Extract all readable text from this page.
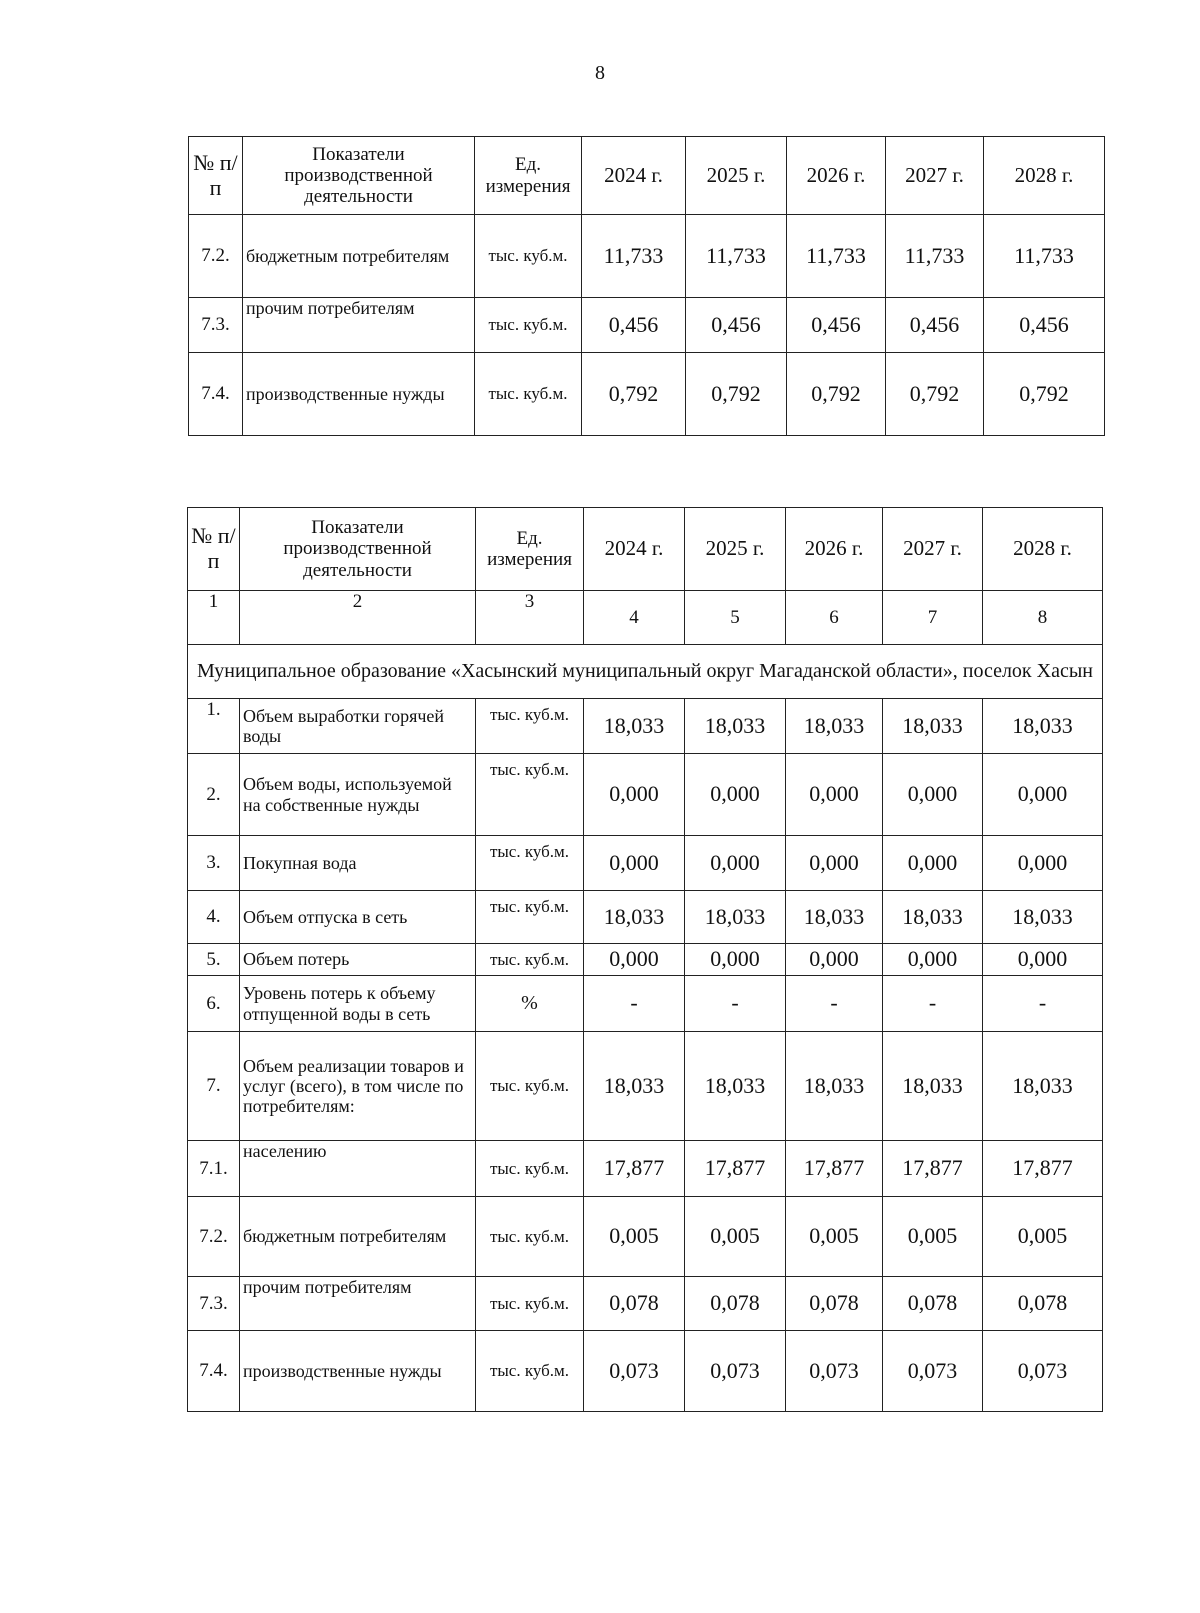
8
№ п/п	Показатели производственной деятельности	Ед. измерения	2024 г.	2025 г.	2026 г.	2027 г.	2028 г.
7.2.	бюджетным потребителям	тыс. куб.м.	11,733	11,733	11,733	11,733	11,733
7.3.	прочим потребителям	тыс. куб.м.	0,456	0,456	0,456	0,456	0,456
7.4.	производственные нужды	тыс. куб.м.	0,792	0,792	0,792	0,792	0,792
№ п/п	Показатели производственной деятельности	Ед. измерения	2024 г.	2025 г.	2026 г.	2027 г.	2028 г.
1	2	3	4	5	6	7	8
Муниципальное образование «Хасынский муниципальный округ Магаданской области», поселок Хасын							
1.	Объем выработки горячей воды	тыс. куб.м.	18,033	18,033	18,033	18,033	18,033
2.	Объем воды, используемой на собственные нужды	тыс. куб.м.	0,000	0,000	0,000	0,000	0,000
3.	Покупная вода	тыс. куб.м.	0,000	0,000	0,000	0,000	0,000
4.	Объем отпуска в сеть	тыс. куб.м.	18,033	18,033	18,033	18,033	18,033
5.	Объем потерь	тыс. куб.м.	0,000	0,000	0,000	0,000	0,000
6.	Уровень потерь к объему отпущенной воды в сеть	%	-	-	-	-	-
7.	Объем реализации товаров и услуг (всего), в том числе по потребителям:	тыс. куб.м.	18,033	18,033	18,033	18,033	18,033
7.1.	населению	тыс. куб.м.	17,877	17,877	17,877	17,877	17,877
7.2.	бюджетным потребителям	тыс. куб.м.	0,005	0,005	0,005	0,005	0,005
7.3.	прочим потребителям	тыс. куб.м.	0,078	0,078	0,078	0,078	0,078
7.4.	производственные нужды	тыс. куб.м.	0,073	0,073	0,073	0,073	0,073
